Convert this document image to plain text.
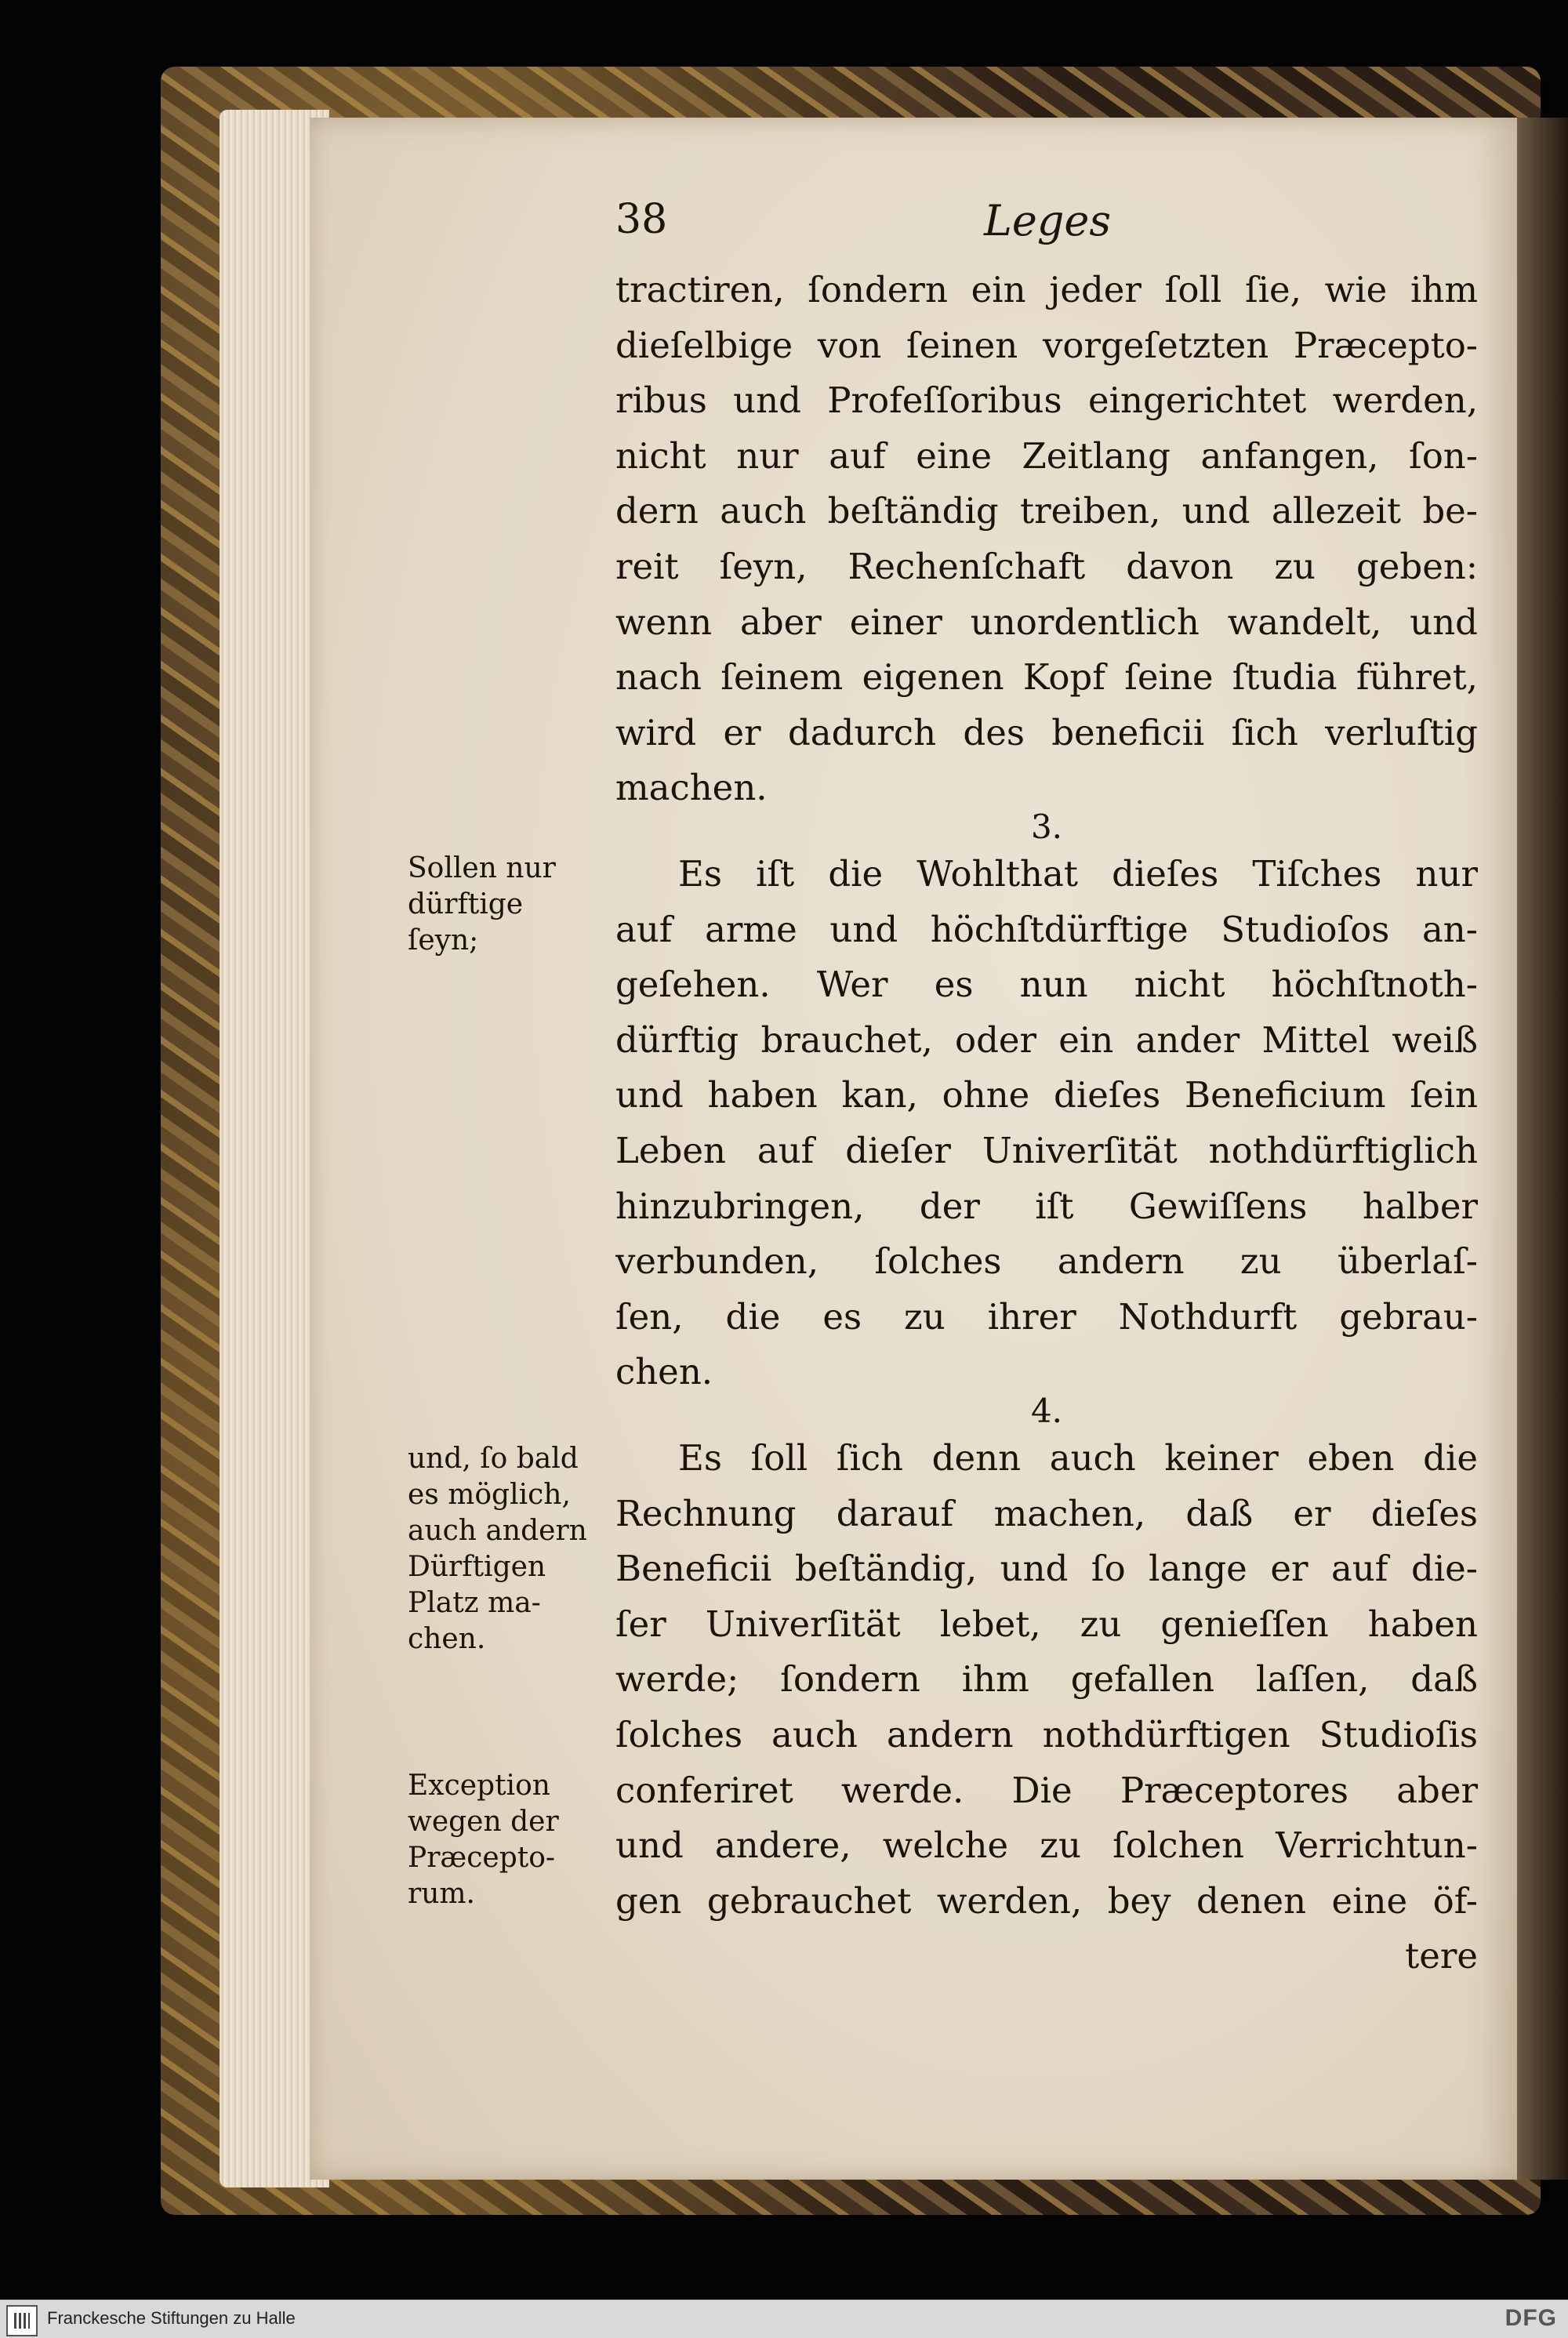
38	Leges
tractiren, ſondern ein jeder ſoll ſie, wie ihm
dieſelbige von ſeinen vorgeſetzten Præcepto-
ribus und Profeſſoribus eingerichtet werden,
nicht nur auf eine Zeitlang anfangen, ſon-
dern auch beſtändig treiben, und allezeit be-
reit ſeyn, Rechenſchaft davon zu geben:
wenn aber einer unordentlich wandelt, und
nach ſeinem eigenen Kopf ſeine ſtudia führet,
wird er dadurch des beneficii ſich verluſtig
machen.
3.
Es iſt die Wohlthat dieſes Tiſches nur
auf arme und höchſtdürftige Studioſos an-
geſehen. Wer es nun nicht höchſtnoth-
dürftig brauchet, oder ein ander Mittel weiß
und haben kan, ohne dieſes Beneficium ſein
Leben auf dieſer Univerſität nothdürftiglich
hinzubringen, der iſt Gewiſſens halber
verbunden, ſolches andern zu überlaſ-
ſen, die es zu ihrer Nothdurft gebrau-
chen.
4.
Es ſoll ſich denn auch keiner eben die
Rechnung darauf machen, daß er dieſes
Beneficii beſtändig, und ſo lange er auf die-
ſer Univerſität lebet, zu genieſſen haben
werde; ſondern ihm gefallen laſſen, daß
ſolches auch andern nothdürftigen Studioſis
conferiret werde. Die Præceptores aber
und andere, welche zu ſolchen Verrichtun-
gen gebrauchet werden, bey denen eine öf-
tere
Sollen nur
dürftige
ſeyn;
und, ſo bald
es möglich,
auch andern
Dürftigen
Platz ma-
chen.
Exception
wegen der
Præcepto-
rum.
Franckesche Stiftungen zu Halle	DFG
